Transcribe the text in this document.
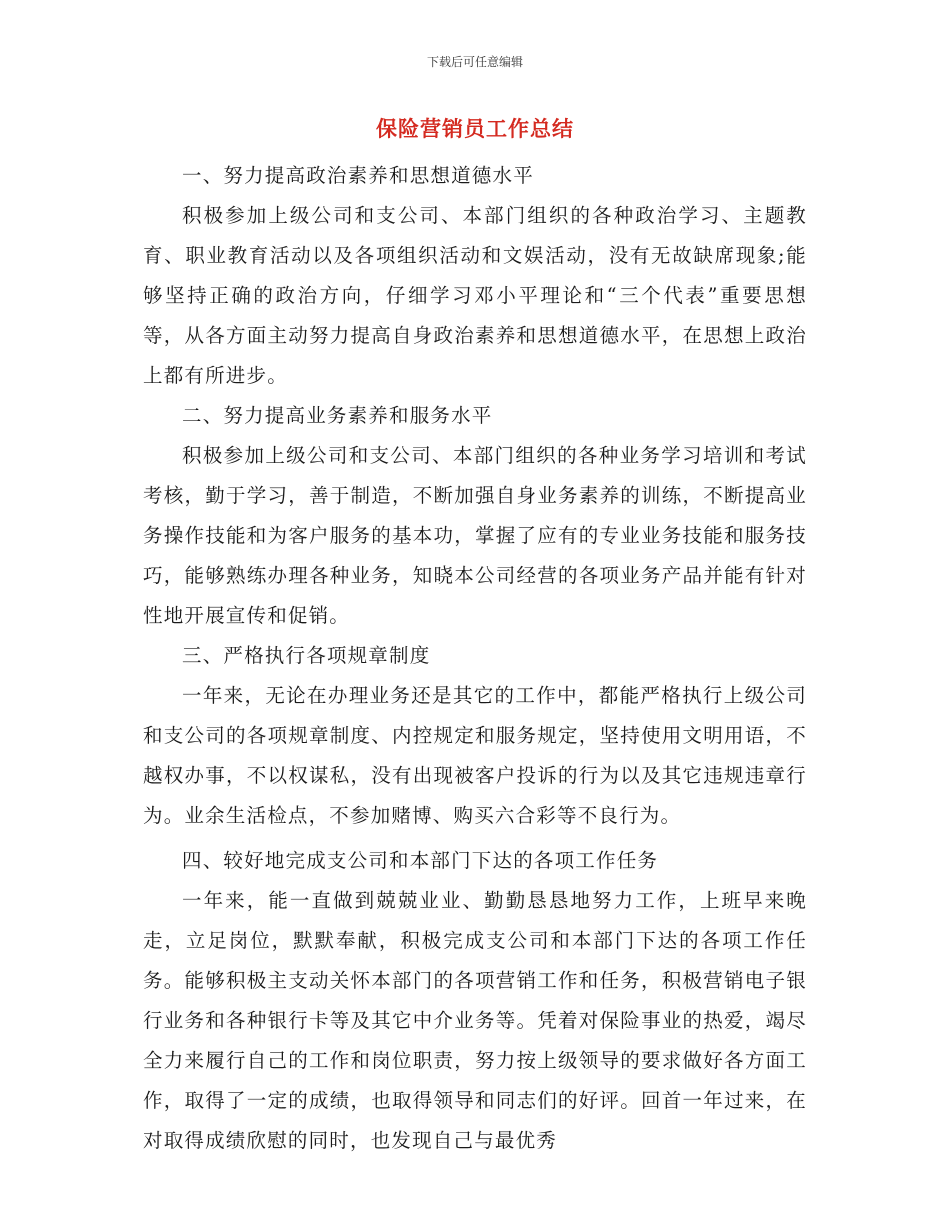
下载后可任意编辑
保险营销员工作总结

一、努力提高政治素养和思想道德水平

积极参加上级公司和支公司、本部门组织的各种政治学习、主题教育、职业教育活动以及各项组织活动和文娱活动，没有无故缺席现象;能够坚持正确的政治方向，仔细学习邓小平理论和“三个代表”重要思想等，从各方面主动努力提高自身政治素养和思想道德水平，在思想上政治上都有所进步。

二、努力提高业务素养和服务水平

积极参加上级公司和支公司、本部门组织的各种业务学习培训和考试考核，勤于学习，善于制造，不断加强自身业务素养的训练，不断提高业务操作技能和为客户服务的基本功，掌握了应有的专业业务技能和服务技巧，能够熟练办理各种业务，知晓本公司经营的各项业务产品并能有针对性地开展宣传和促销。

三、严格执行各项规章制度

一年来，无论在办理业务还是其它的工作中，都能严格执行上级公司和支公司的各项规章制度、内控规定和服务规定，坚持使用文明用语，不越权办事，不以权谋私，没有出现被客户投诉的行为以及其它违规违章行为。业余生活检点，不参加赌博、购买六合彩等不良行为。

四、较好地完成支公司和本部门下达的各项工作任务

一年来，能一直做到兢兢业业、勤勤恳恳地努力工作，上班早来晚走，立足岗位，默默奉献，积极完成支公司和本部门下达的各项工作任务。能够积极主支动关怀本部门的各项营销工作和任务，积极营销电子银行业务和各种银行卡等及其它中介业务等。凭着对保险事业的热爱，竭尽全力来履行自己的工作和岗位职责，努力按上级领导的要求做好各方面工作，取得了一定的成绩，也取得领导和同志们的好评。回首一年过来，在对取得成绩欣慰的同时，也发现自己与最优秀
